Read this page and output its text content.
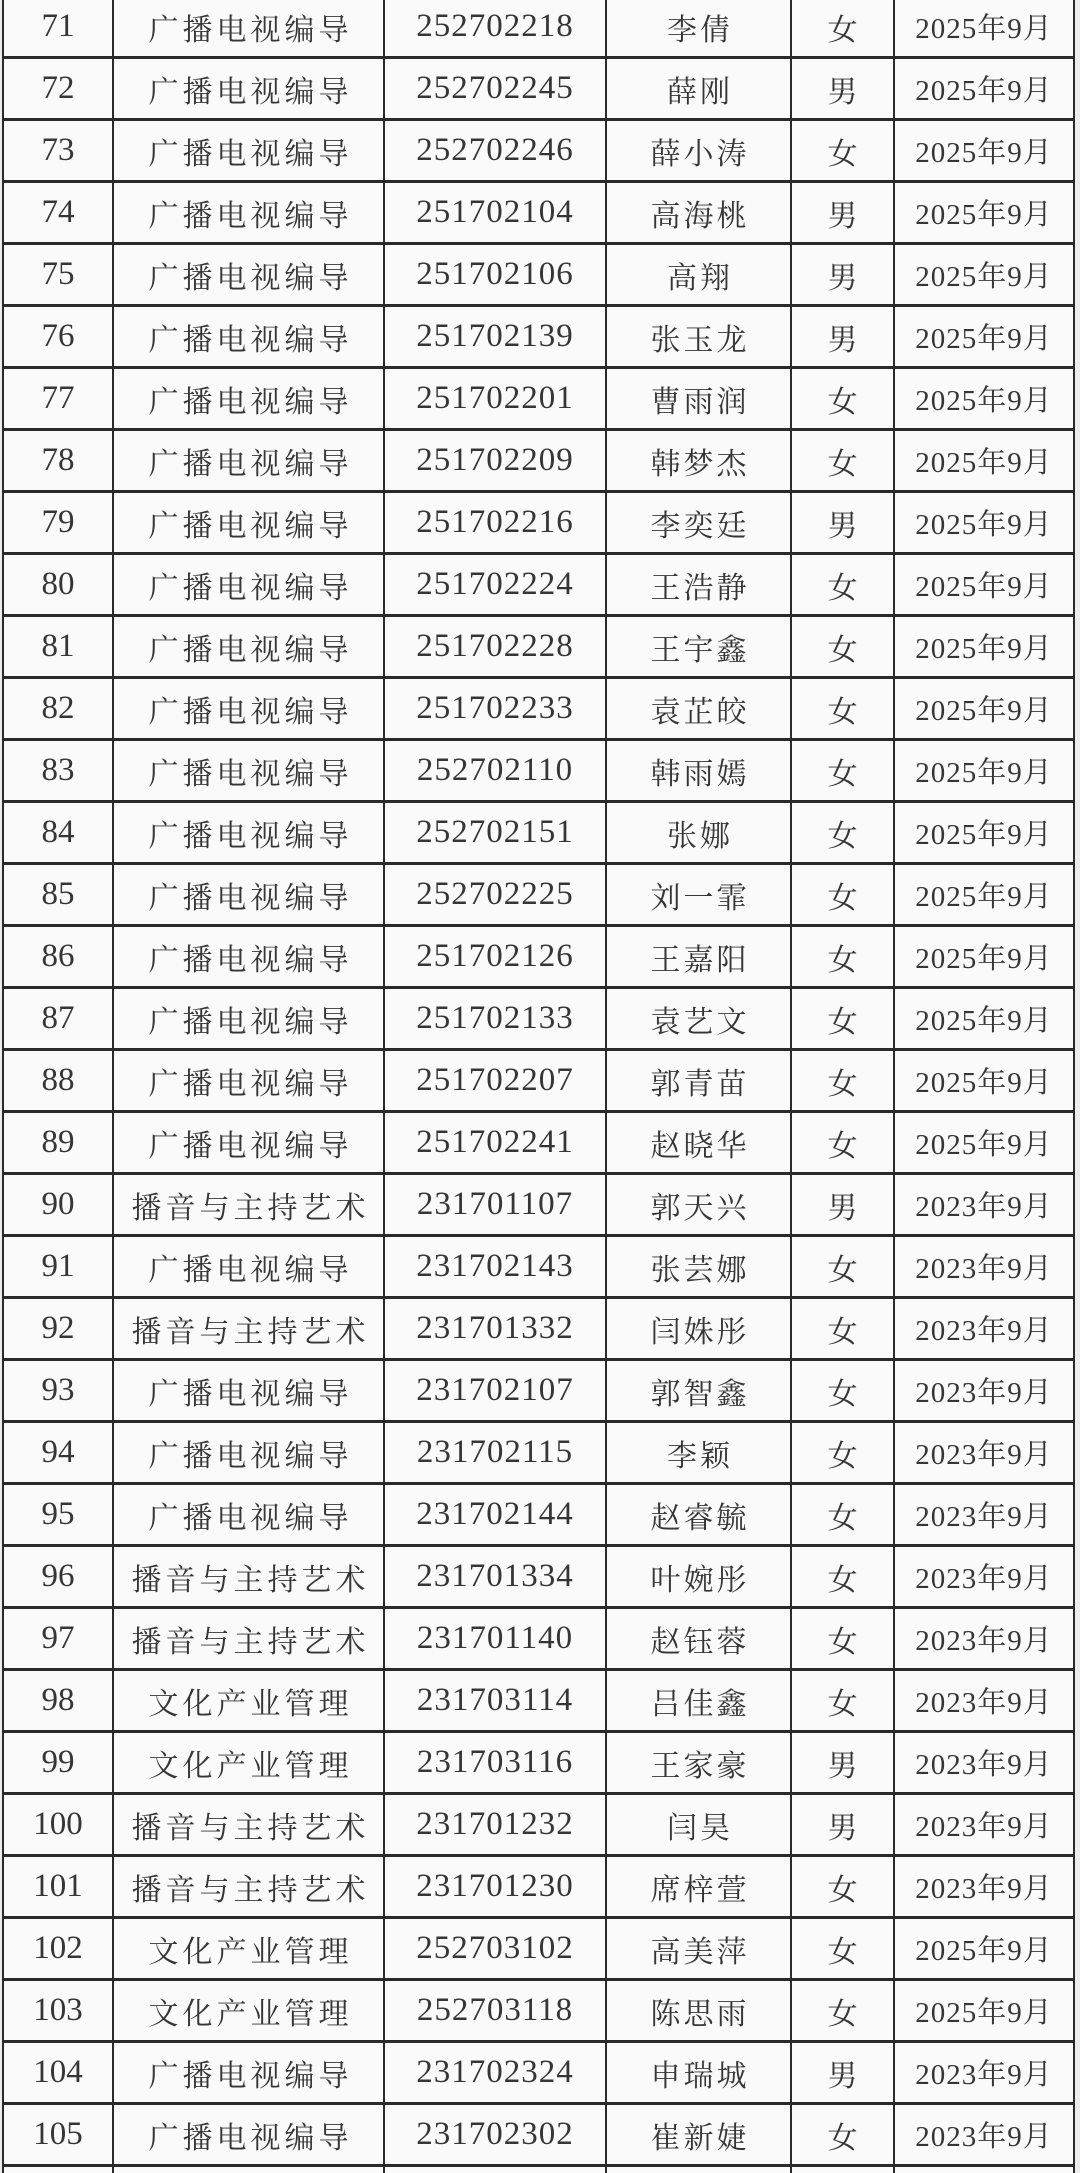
71	广播电视编导	252702218	李倩	女	2025年9月
72	广播电视编导	252702245	薛刚	男	2025年9月
73	广播电视编导	252702246	薛小涛	女	2025年9月
74	广播电视编导	251702104	高海桃	男	2025年9月
75	广播电视编导	251702106	高翔	男	2025年9月
76	广播电视编导	251702139	张玉龙	男	2025年9月
77	广播电视编导	251702201	曹雨润	女	2025年9月
78	广播电视编导	251702209	韩梦杰	女	2025年9月
79	广播电视编导	251702216	李奕廷	男	2025年9月
80	广播电视编导	251702224	王浩静	女	2025年9月
81	广播电视编导	251702228	王宇鑫	女	2025年9月
82	广播电视编导	251702233	袁芷皎	女	2025年9月
83	广播电视编导	252702110	韩雨嫣	女	2025年9月
84	广播电视编导	252702151	张娜	女	2025年9月
85	广播电视编导	252702225	刘一霏	女	2025年9月
86	广播电视编导	251702126	王嘉阳	女	2025年9月
87	广播电视编导	251702133	袁艺文	女	2025年9月
88	广播电视编导	251702207	郭青苗	女	2025年9月
89	广播电视编导	251702241	赵晓华	女	2025年9月
90	播音与主持艺术	231701107	郭天兴	男	2023年9月
91	广播电视编导	231702143	张芸娜	女	2023年9月
92	播音与主持艺术	231701332	闫姝彤	女	2023年9月
93	广播电视编导	231702107	郭智鑫	女	2023年9月
94	广播电视编导	231702115	李颖	女	2023年9月
95	广播电视编导	231702144	赵睿毓	女	2023年9月
96	播音与主持艺术	231701334	叶婉彤	女	2023年9月
97	播音与主持艺术	231701140	赵钰蓉	女	2023年9月
98	文化产业管理	231703114	吕佳鑫	女	2023年9月
99	文化产业管理	231703116	王家豪	男	2023年9月
100	播音与主持艺术	231701232	闫昊	男	2023年9月
101	播音与主持艺术	231701230	席梓萱	女	2023年9月
102	文化产业管理	252703102	高美萍	女	2025年9月
103	文化产业管理	252703118	陈思雨	女	2025年9月
104	广播电视编导	231702324	申瑞城	男	2023年9月
105	广播电视编导	231702302	崔新婕	女	2023年9月
